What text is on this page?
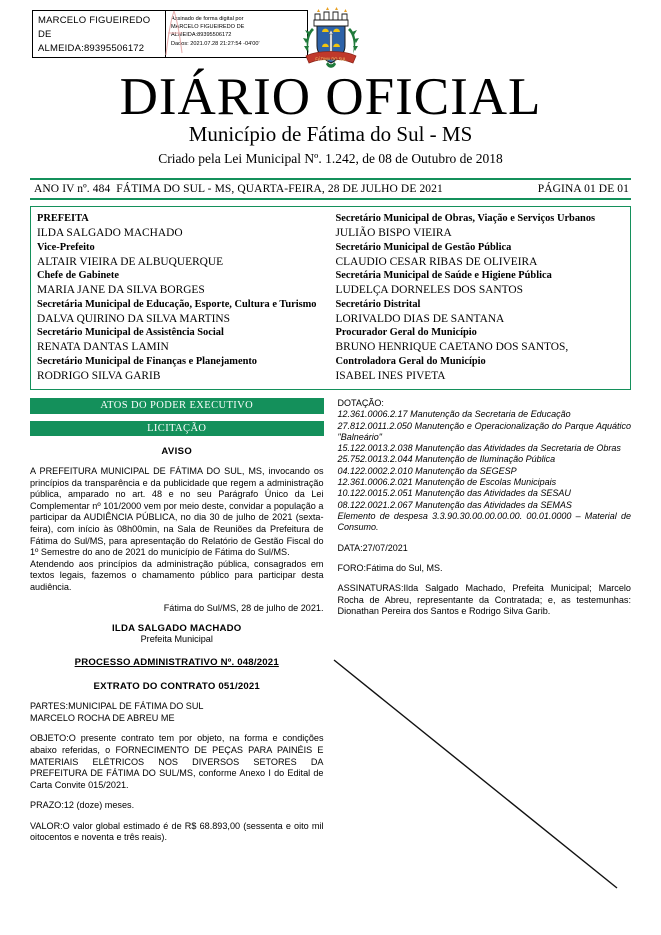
MARCELO FIGUEIREDO
DE
ALMEIDA:89395506172
Assinado de forma digital por
MARCELO FIGUEIREDO DE
ALMEIDA:89395506172
Dados: 2021.07.28 21:27:54 -04'00'
FÁTIMA DO SUL
DIÁRIO OFICIAL
Município de Fátima do Sul - MS
Criado pela Lei Municipal Nº. 1.242, de 08 de Outubro de 2018
ANO IV nº. 484 FÁTIMA DO SUL - MS, QUARTA-FEIRA, 28 DE JULHO DE 2021	PÁGINA 01 DE 01
PREFEITA
ILDA SALGADO MACHADO
Vice-Prefeito
ALTAIR VIEIRA DE ALBUQUERQUE
Chefe de Gabinete
MARIA JANE DA SILVA BORGES
Secretária Municipal de Educação, Esporte, Cultura e Turismo
DALVA QUIRINO DA SILVA MARTINS
Secretário Municipal de Assistência Social
RENATA DANTAS LAMIN
Secretário Municipal de Finanças e Planejamento
RODRIGO SILVA GARIB
Secretário Municipal de Obras, Viação e Serviços Urbanos
JULIÃO BISPO VIEIRA
Secretário Municipal de Gestão Pública
CLAUDIO CESAR RIBAS DE OLIVEIRA
Secretária Municipal de Saúde e Higiene Pública
LUDELÇA DORNELES DOS SANTOS
Secretário Distrital
LORIVALDO DIAS DE SANTANA
Procurador Geral do Município
BRUNO HENRIQUE CAETANO DOS SANTOS,
Controladora Geral do Município
ISABEL INES PIVETA
ATOS DO PODER EXECUTIVO
LICITAÇÃO
AVISO
A PREFEITURA MUNICIPAL DE FÁTIMA DO SUL, MS, invocando os princípios da transparência e da publicidade que regem a administração pública, amparado no art. 48 e no seu Parágrafo Único da Lei Complementar nº 101/2000 vem por meio deste, convidar a população a participar da AUDIÊNCIA PÚBLICA, no dia 30 de julho de 2021 (sexta-feira), com início às 08h00min, na Sala de Reuniões da Prefeitura de Fátima do Sul/MS, para apresentação do Relatório de Gestão Fiscal do 1º Semestre do ano de 2021 do município de Fátima do Sul/MS.
Atendendo aos princípios da administração pública, consagrados em textos legais, fazemos o chamamento público para participar desta audiência.
Fátima do Sul/MS, 28 de julho de 2021.
ILDA SALGADO MACHADO
Prefeita Municipal
PROCESSO ADMINISTRATIVO Nº. 048/2021
EXTRATO DO CONTRATO 051/2021
PARTES:MUNICIPAL DE FÁTIMA DO SUL
MARCELO ROCHA DE ABREU ME
OBJETO:O presente contrato tem por objeto, na forma e condições abaixo referidas, o FORNECIMENTO DE PEÇAS PARA PAINÉIS E MATERIAIS ELÉTRICOS NOS DIVERSOS SETORES DA PREFEITURA DE FÁTIMA DO SUL/MS, conforme Anexo I do Edital de Carta Convite 015/2021.
PRAZO:12 (doze) meses.
VALOR:O valor global estimado é de R$ 68.893,00 (sessenta e oito mil oitocentos e noventa e três reais).
DOTAÇÃO:
12.361.0006.2.17 Manutenção da Secretaria de Educação
27.812.0011.2.050 Manutenção e Operacionalização do Parque Aquático "Balneário"
15.122.0013.2.038 Manutenção das Atividades da Secretaria de Obras
25.752.0013.2.044 Manutenção de Iluminação Pública
04.122.0002.2.010 Manutenção da SEGESP
12.361.0006.2.021 Manutenção de Escolas Municipais
10.122.0015.2.051 Manutenção das Atividades da SESAU
08.122.0021.2.067 Manutenção das Atividades da SEMAS
Elemento de despesa 3.3.90.30.00.00.00.00. 00.01.0000 – Material de Consumo.
DATA:27/07/2021
FORO:Fátima do Sul, MS.
ASSINATURAS:Ilda Salgado Machado, Prefeita Municipal; Marcelo Rocha de Abreu, representante da Contratada; e, as testemunhas: Dionathan Pereira dos Santos e Rodrigo Silva Garib.
